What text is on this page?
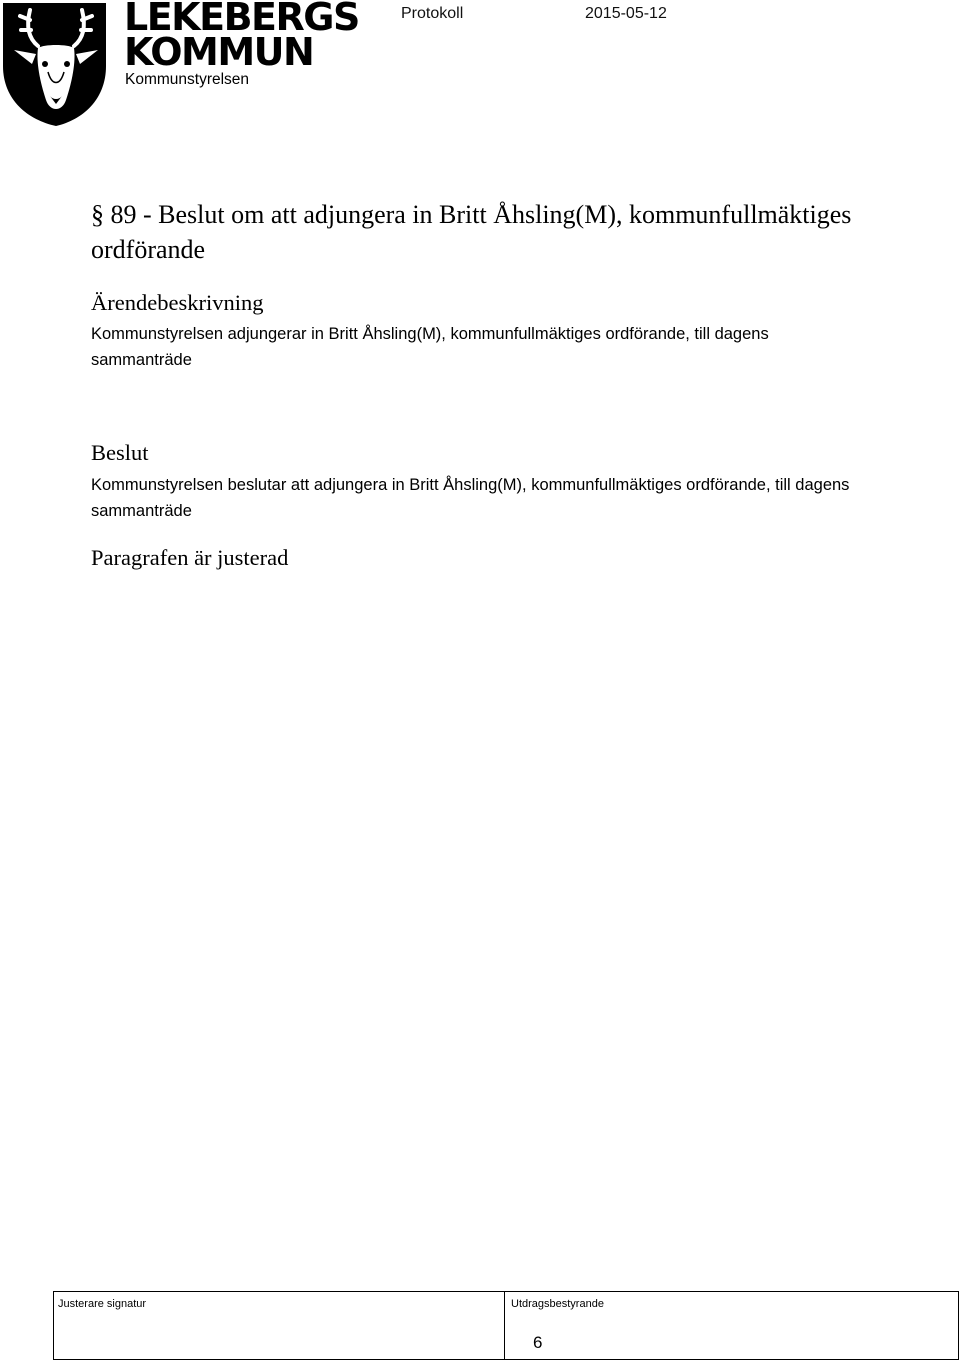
LEKEBERGS
KOMMUN
Kommunstyrelsen
Protokoll	2015-05-12
§ 89 - Beslut om att adjungera in Britt Åhsling(M), kommunfullmäktiges ordförande
Ärendebeskrivning
Kommunstyrelsen adjungerar in Britt Åhsling(M), kommunfullmäktiges ordförande, till dagens sammanträde
Beslut
Kommunstyrelsen beslutar att adjungera in Britt Åhsling(M), kommunfullmäktiges ordförande, till dagens sammanträde
Paragrafen är justerad
Justerare signatur	Utdragsbestyrande
6
